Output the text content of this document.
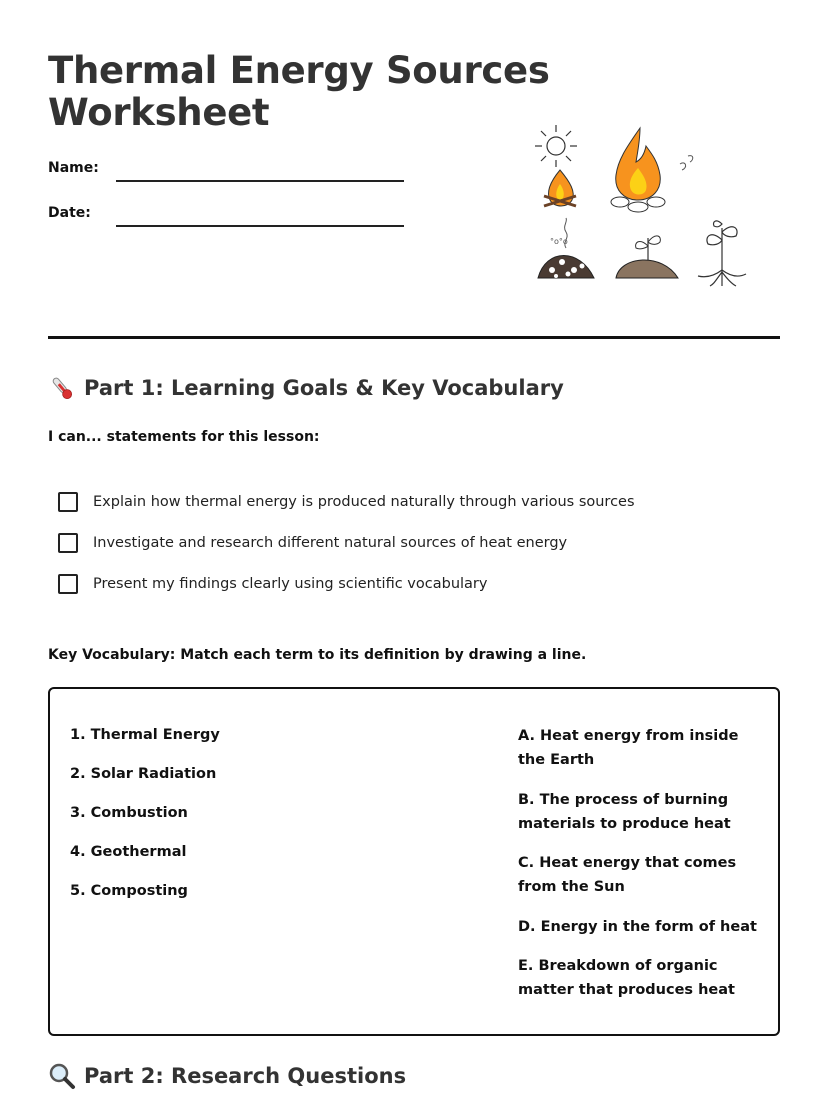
Thermal Energy Sources
Worksheet
Name:
Date:
°o°o
Part 1: Learning Goals & Key Vocabulary
I can... statements for this lesson:
Explain how thermal energy is produced naturally through various sources
Investigate and research different natural sources of heat energy
Present my findings clearly using scientific vocabulary
Key Vocabulary: Match each term to its definition by drawing a line.
1. Thermal Energy
2. Solar Radiation
3. Combustion
4. Geothermal
5. Composting
A. Heat energy from inside the Earth
B. The process of burning materials to produce heat
C. Heat energy that comes from the Sun
D. Energy in the form of heat
E. Breakdown of organic matter that produces heat
Part 2: Research Questions
